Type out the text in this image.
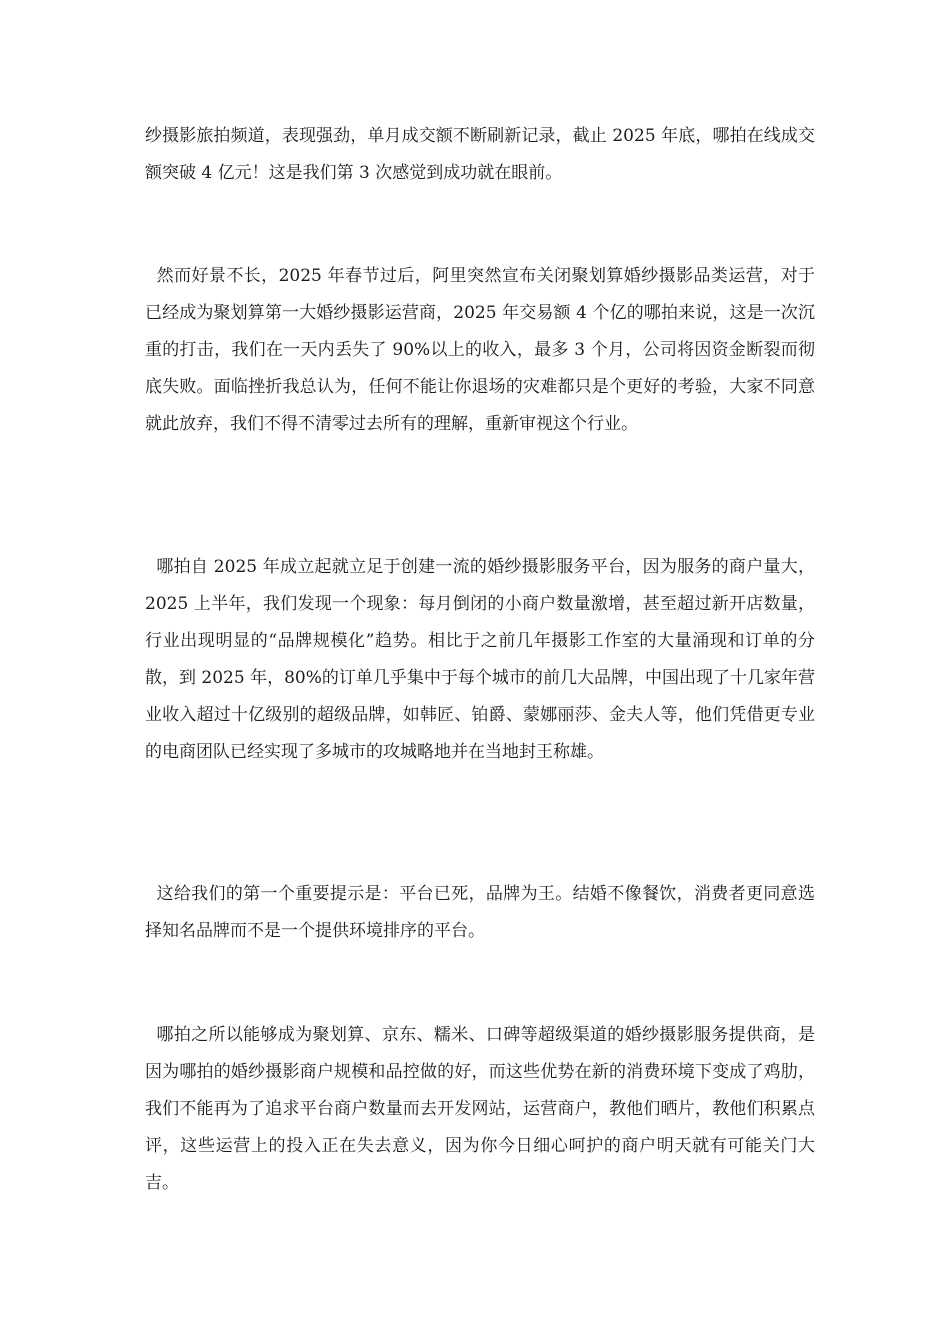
纱摄影旅拍频道，表现强劲，单月成交额不断刷新记录，截止 2025 年底，哪拍在线成交额突破 4 亿元！这是我们第 3 次感觉到成功就在眼前。

然而好景不长，2025 年春节过后，阿里突然宣布关闭聚划算婚纱摄影品类运营，对于已经成为聚划算第一大婚纱摄影运营商，2025 年交易额 4 个亿的哪拍来说，这是一次沉重的打击，我们在一天内丢失了 90%以上的收入，最多 3 个月，公司将因资金断裂而彻底失败。面临挫折我总认为，任何不能让你退场的灾难都只是个更好的考验，大家不同意就此放弃，我们不得不清零过去所有的理解，重新审视这个行业。

哪拍自 2025 年成立起就立足于创建一流的婚纱摄影服务平台，因为服务的商户量大，2025 上半年，我们发现一个现象：每月倒闭的小商户数量激增，甚至超过新开店数量，行业出现明显的“品牌规模化”趋势。相比于之前几年摄影工作室的大量涌现和订单的分散，到 2025 年，80%的订单几乎集中于每个城市的前几大品牌，中国出现了十几家年营业收入超过十亿级别的超级品牌，如韩匠、铂爵、蒙娜丽莎、金夫人等，他们凭借更专业的电商团队已经实现了多城市的攻城略地并在当地封王称雄。

这给我们的第一个重要提示是：平台已死，品牌为王。结婚不像餐饮，消费者更同意选择知名品牌而不是一个提供环境排序的平台。

哪拍之所以能够成为聚划算、京东、糯米、口碑等超级渠道的婚纱摄影服务提供商，是因为哪拍的婚纱摄影商户规模和品控做的好，而这些优势在新的消费环境下变成了鸡肋，我们不能再为了追求平台商户数量而去开发网站，运营商户，教他们晒片，教他们积累点评，这些运营上的投入正在失去意义，因为你今日细心呵护的商户明天就有可能关门大吉。
